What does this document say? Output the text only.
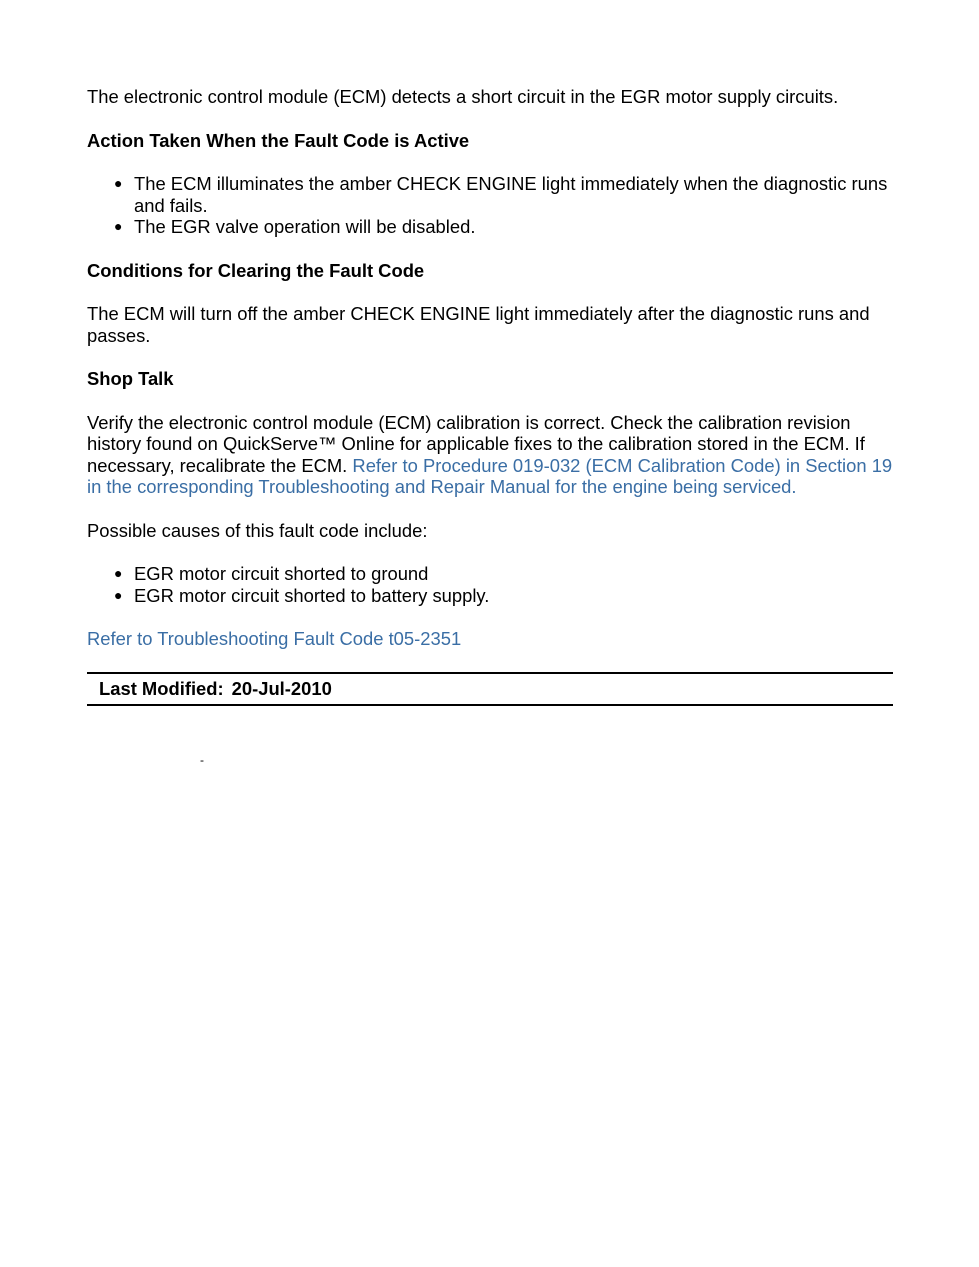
The electronic control module (ECM) detects a short circuit in the EGR motor supply circuits.

Action Taken When the Fault Code is Active

● The ECM illuminates the amber CHECK ENGINE light immediately when the diagnostic runs and fails.
● The EGR valve operation will be disabled.

Conditions for Clearing the Fault Code

The ECM will turn off the amber CHECK ENGINE light immediately after the diagnostic runs and passes.

Shop Talk

Verify the electronic control module (ECM) calibration is correct. Check the calibration revision history found on QuickServe™ Online for applicable fixes to the calibration stored in the ECM. If necessary, recalibrate the ECM. Refer to Procedure 019-032 (ECM Calibration Code) in Section 19 in the corresponding Troubleshooting and Repair Manual for the engine being serviced.

Possible causes of this fault code include:

● EGR motor circuit shorted to ground
● EGR motor circuit shorted to battery supply.

Refer to Troubleshooting Fault Code t05-2351

Last Modified: 20-Jul-2010
-
